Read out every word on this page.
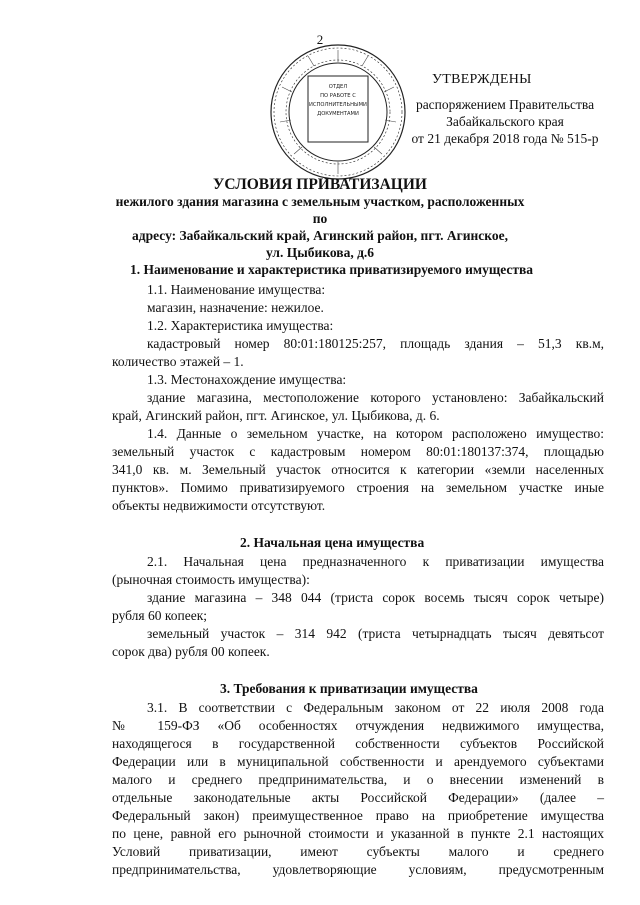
2
ОТДЕЛ
ПО РАБОТЕ С
ИСПОЛНИТЕЛЬНЫМИ
ДОКУМЕНТАМИ
УТВЕРЖДЕНЫ
распоряжением Правительства
Забайкальского края
от 21 декабря 2018 года № 515-р
УСЛОВИЯ ПРИВАТИЗАЦИИ
нежилого здания магазина с земельным участком, расположенных по
адресу: Забайкальский край, Агинский район, пгт. Агинское,
ул. Цыбикова, д.6
1. Наименование и характеристика приватизируемого имущества
1.1. Наименование имущества:
магазин, назначение: нежилое.
1.2. Характеристика имущества:
кадастровый номер 80:01:180125:257, площадь здания – 51,3 кв.м,
количество этажей – 1.
1.3. Местонахождение имущества:
здание магазина, местоположение которого установлено: Забайкальский
край, Агинский район, пгт. Агинское, ул. Цыбикова, д. 6.
1.4. Данные о земельном участке, на котором расположено имущество:
земельный участок с кадастровым номером 80:01:180137:374, площадью
341,0 кв. м. Земельный участок относится к категории «земли населенных
пунктов». Помимо приватизируемого строения на земельном участке иные
объекты недвижимости отсутствуют.
2. Начальная цена имущества
2.1. Начальная цена предназначенного к приватизации имущества
(рыночная стоимость имущества):
здание магазина – 348 044 (триста сорок восемь тысяч сорок четыре)
рубля 60 копеек;
земельный участок – 314 942 (триста четырнадцать тысяч девятьсот
сорок два) рубля 00 копеек.
3. Требования к приватизации имущества
3.1. В соответствии с Федеральным законом от 22 июля 2008 года
№ 159-ФЗ «Об особенностях отчуждения недвижимого имущества,
находящегося в государственной собственности субъектов Российской
Федерации или в муниципальной собственности и арендуемого субъектами
малого и среднего предпринимательства, и о внесении изменений в
отдельные законодательные акты Российской Федерации» (далее –
Федеральный закон) преимущественное право на приобретение имущества
по цене, равной его рыночной стоимости и указанной в пункте 2.1 настоящих
Условий приватизации, имеют субъекты малого и среднего
предпринимательства, удовлетворяющие условиям, предусмотренным
